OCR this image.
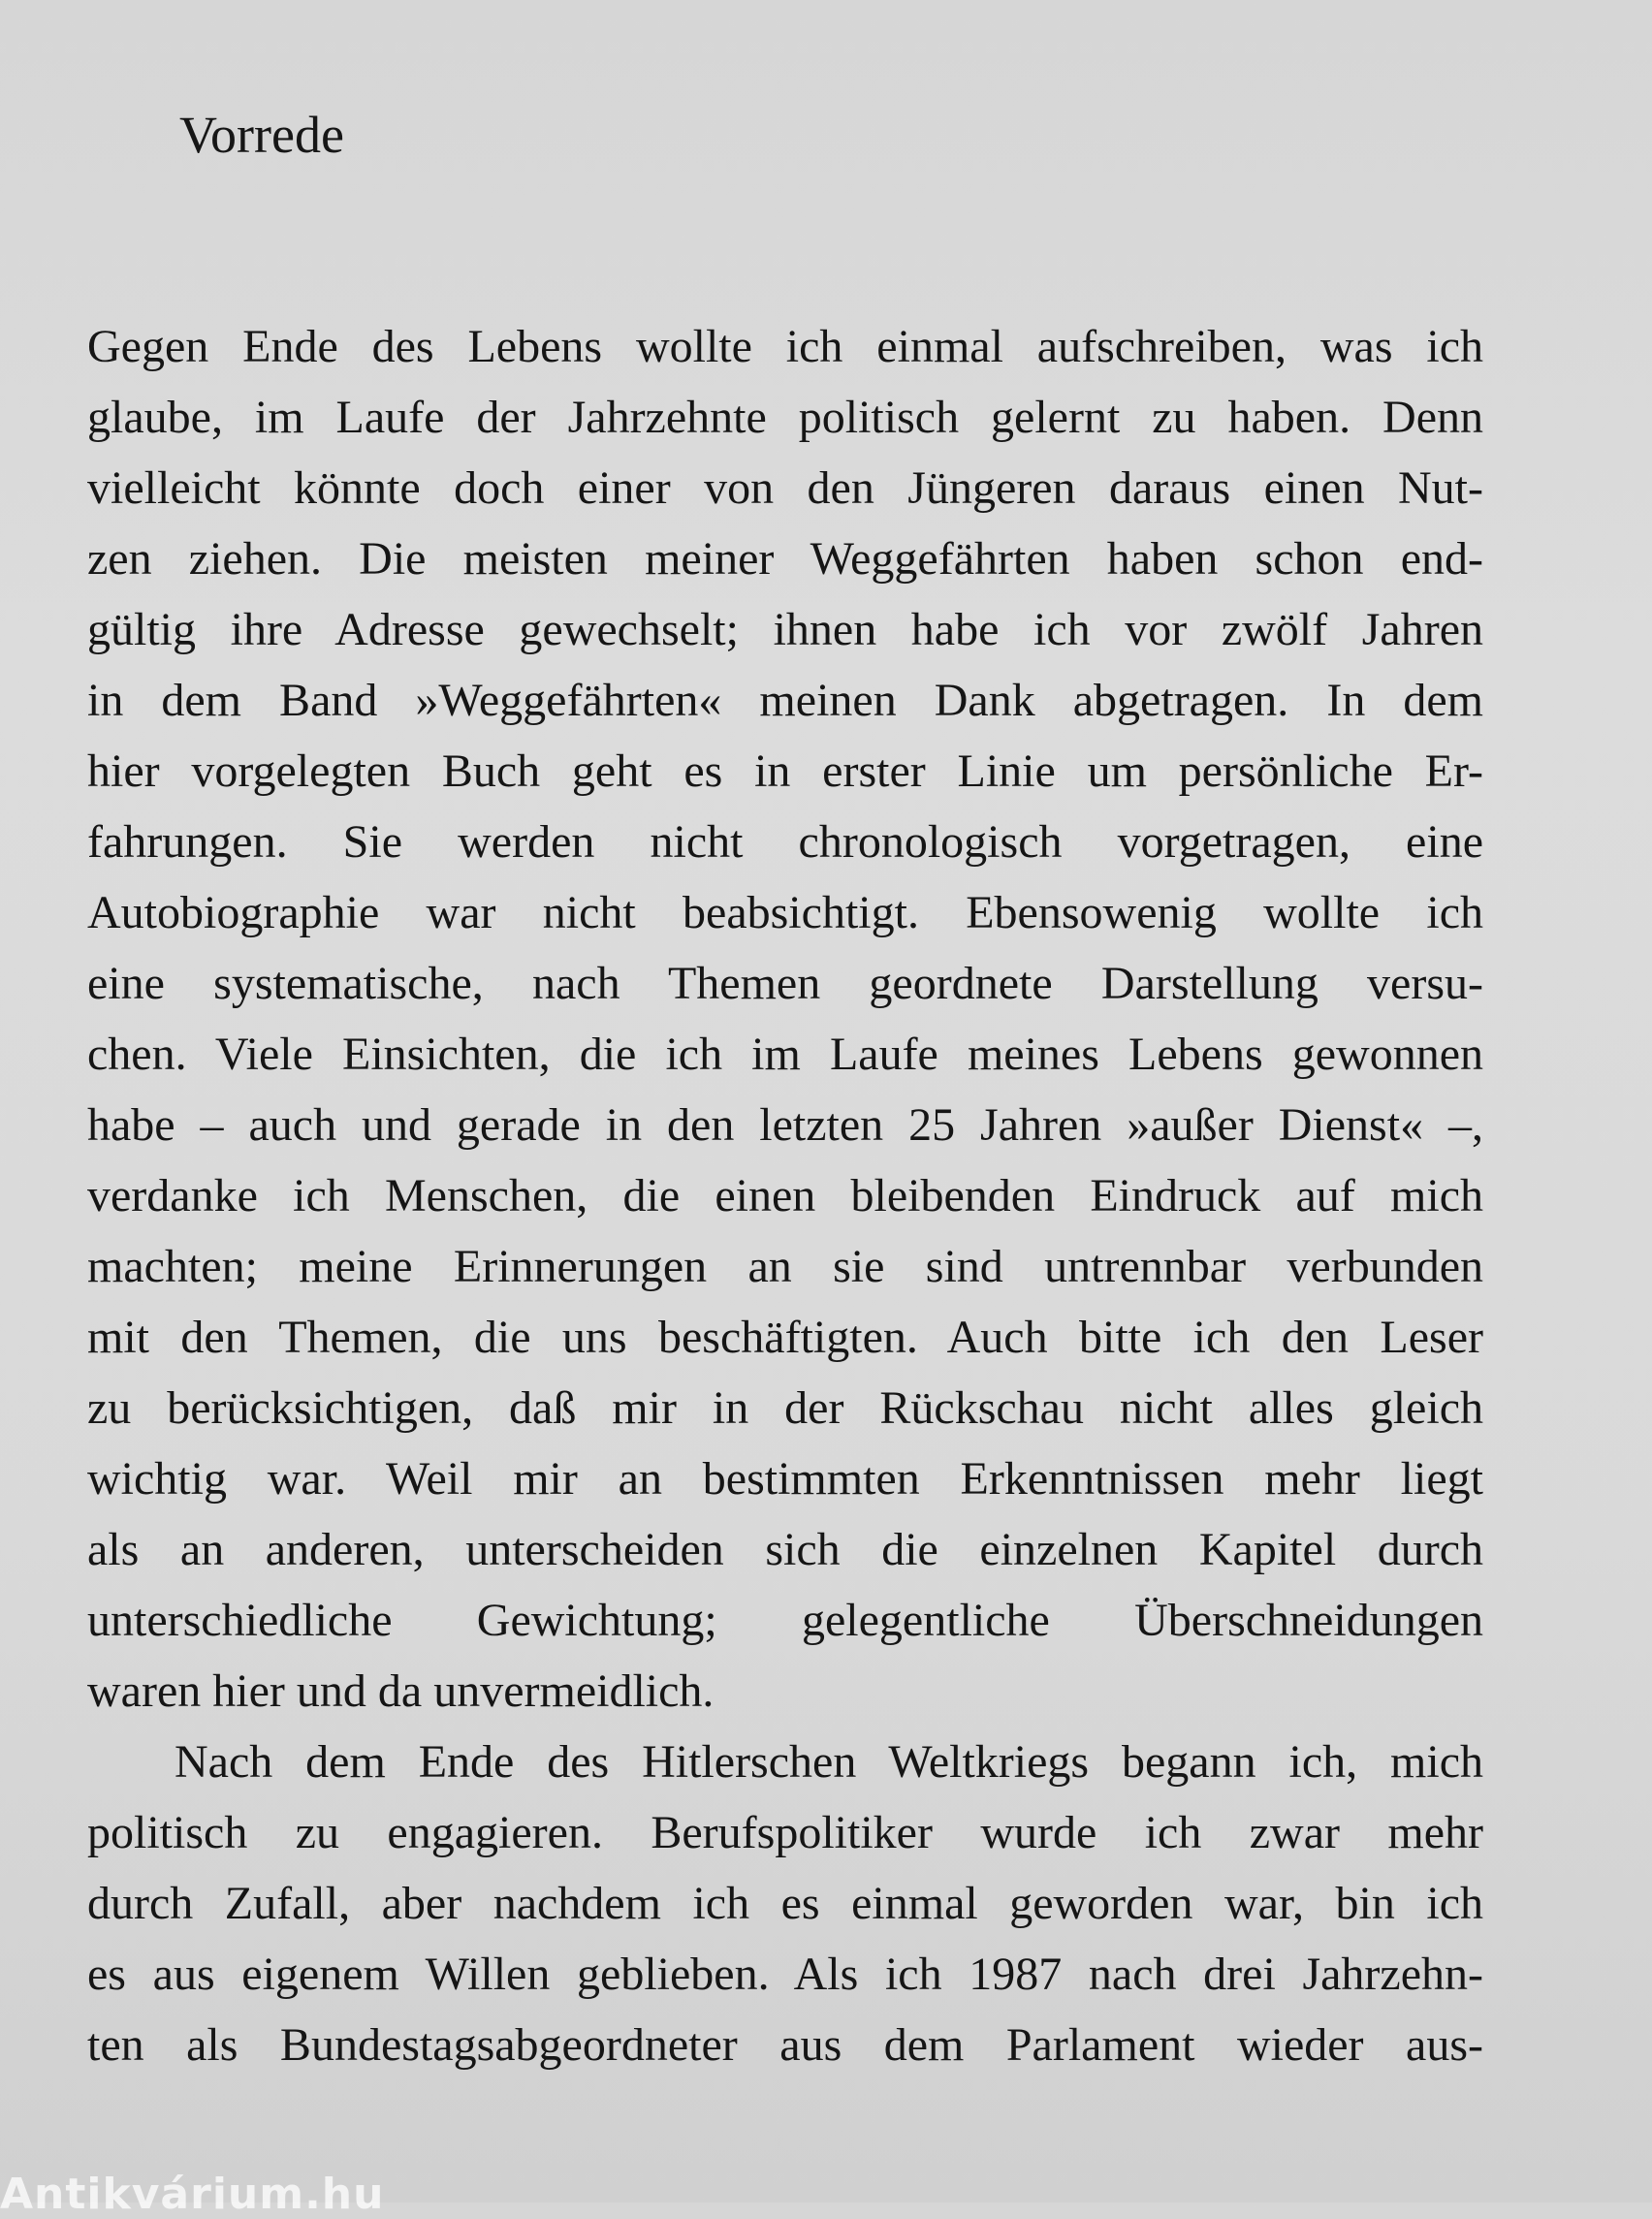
Vorrede

Gegen Ende des Lebens wollte ich einmal aufschreiben, was ich

glaube, im Laufe der Jahrzehnte politisch gelernt zu haben. Denn

vielleicht könnte doch einer von den Jüngeren daraus einen Nut-

zen ziehen. Die meisten meiner Weggefährten haben schon end-

gültig ihre Adresse gewechselt; ihnen habe ich vor zwölf Jahren

in dem Band »Weggefährten« meinen Dank abgetragen. In dem

hier vorgelegten Buch geht es in erster Linie um persönliche Er-

fahrungen. Sie werden nicht chronologisch vorgetragen, eine

Autobiographie war nicht beabsichtigt. Ebensowenig wollte ich

eine systematische, nach Themen geordnete Darstellung versu-

chen. Viele Einsichten, die ich im Laufe meines Lebens gewonnen

habe – auch und gerade in den letzten 25 Jahren »außer Dienst« –,

verdanke ich Menschen, die einen bleibenden Eindruck auf mich

machten; meine Erinnerungen an sie sind untrennbar verbunden

mit den Themen, die uns beschäftigten. Auch bitte ich den Leser

zu berücksichtigen, daß mir in der Rückschau nicht alles gleich

wichtig war. Weil mir an bestimmten Erkenntnissen mehr liegt

als an anderen, unterscheiden sich die einzelnen Kapitel durch

unterschiedliche Gewichtung; gelegentliche Überschneidungen

waren hier und da unvermeidlich.

Nach dem Ende des Hitlerschen Weltkriegs begann ich, mich

politisch zu engagieren. Berufspolitiker wurde ich zwar mehr

durch Zufall, aber nachdem ich es einmal geworden war, bin ich

es aus eigenem Willen geblieben. Als ich 1987 nach drei Jahrzehn-

ten als Bundestagsabgeordneter aus dem Parlament wieder aus-

Antikvárium.hu
